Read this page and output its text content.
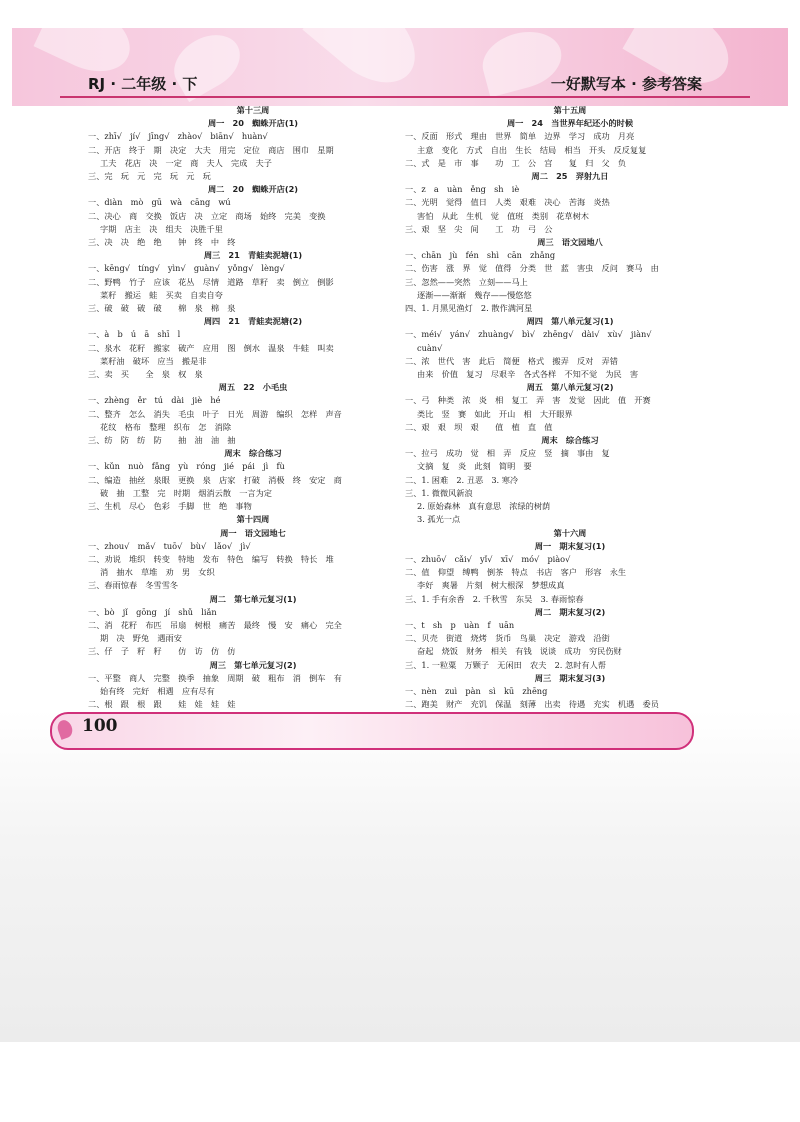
RJ · 二年级 · 下	一好默写本 · 参考答案
第十三周
周一　20　蜘蛛开店(1)
一、zhī√　jí√　jīng√　zhào√　biān√　huàn√
二、开店　终于　期　决定　大夫　用完　定位　商店　围巾　星期
工夫　花店　决　一定　商　夫人　完成　夫子
三、完　玩　元　完　玩　元　玩
周二　20　蜘蛛开店(2)
一、diàn　mò　gū　wà　cāng　wú
二、决心　商　交换　饭店　决　立定　商场　始终　完美　变换
字期　店主　决　组夫　决胜千里
三、决　决　绝　绝　　钟　终　中　终
周三　21　青蛙卖泥塘(1)
一、kēng√　tíng√　yìn√　guàn√　yǒng√　lèng√
二、野鸭　竹子　应该　花丛　尽情　道路　草籽　卖　倒立　倒影
菜籽　搬运　蛙　买卖　自卖自夸
三、破　破　破　破　　棉　泉　棉　泉
周四　21　青蛙卖泥塘(2)
一、à　b　ú　ā　shī　l
二、泉水　花籽　搬家　破产　应用　图　倒水　温泉　牛蛙　叫卖
菜籽油　破坏　应当　搬是非
三、卖　买　　全　泉　权　泉
周五　22　小毛虫
一、zhèng　ěr　tú　dài　jiè　hé
二、整齐　怎么　消失　毛虫　叶子　日光　周游　编织　怎样　声音
花纹　格布　整理　织布　怎　消除
三、纺　防　纺　防　　抽　油　油　抽
周末　综合练习
一、kǔn　nuò　fǎng　yù　róng　jié　pái　jì　fù
二、编造　抽丝　泉眼　更换　泉　店家　打破　消极　终　安定　商
破　抽　工整　完　时期　烟消云散　一言为定
三、生机　尽心　色彩　手脚　世　绝　事物
第十四周
周一　语文园地七
一、zhou√　mǎ√　tuō√　bù√　lǎo√　jì√
二、劝说　堆织　转变　特地　发布　特色　编写　转换　特长　堆
消　抽水　草堆　劝　男　女织
三、春雨惊春　冬雪雪冬
周二　第七单元复习(1)
一、bò　jǐ　gōng　jí　shǔ　liǎn
二、消　花籽　布匹　吊扇　树根　痛苦　最终　慢　安　痛心　完全
期　决　野兔　遇雨安
三、仔　子　籽　籽　　仿　访　仿　仿
周三　第七单元复习(2)
一、平整　商人　完整　换季　抽象　周期　破　粗布　消　倒车　有
始有终　完好　相遇　应有尽有
二、根　跟　根　跟　　娃　娃　娃　娃
第十五周
周一　24　当世界年纪还小的时候
一、反面　形式　理由　世界　简单　边界　学习　成功　月亮
主意　变化　方式　自出　生长　结局　相当　开头　反反复复
二、式　是　市　事　　功　工　公　宫　　复　归　父　负
周二　25　羿射九日
一、z　a　uàn　ěng　sh　iè
二、光明　觉得　值日　人类　艰难　决心　苦海　炎热
害怕　从此　生机　觉　值班　类别　花草树木
三、艰　坚　尖　间　　工　功　弓　公
周三　语文园地八
一、chān　jù　fén　shì　cān　zhǎng
二、伤害　涨　界　觉　值得　分类　世　蓝　害虫　反问　赛马　由
三、忽然——突然　立刻——马上
逐渐——渐渐　幾存——慢悠悠
四、1. 月黑见渔灯　2. 散作满河星
周四　第八单元复习(1)
一、méi√　yán√　zhuàng√　bì√　zhēng√　dài√　xù√　jiàn√
cuàn√
二、浓　世代　害　此后　简便　格式　搬弄　反对　弄错
由来　价值　复习　尽艰辛　各式各样　不知不觉　为民　害
周五　第八单元复习(2)
一、弓　种类　浓　炎　相　复工　弄　害　发觉　因此　值　开赛
类比　竖　赛　如此　开山　相　大开眼界
二、艰　艰　坝　艰　　值　植　直　值
周末　综合练习
一、拉弓　成功　觉　相　弄　反应　竖　摘　事由　复
文摘　复　炎　此刻　简明　要
二、1. 困难　2. 丑恶　3. 寒冷
三、1. 微微风新浪
2. 原始森林　真有意思　浓绿的树荫
3. 孤光一点
第十六周
周一　期末复习(1)
一、zhuō√　cǎi√　yǐ√　xī√　mó√　piào√
二、值　仰望　缚鸭　倒茶　特点　书店　客户　形容　永生
李好　爽暑　片刻　树大根深　梦想成真
三、1. 手有余香　2. 千秋雪　东吴　3. 春雨惊春
周二　期末复习(2)
一、t　sh　p　uàn　f　uān
二、贝壳　街道　烧烤　货币　鸟巢　决定　游戏　沿街
奋起　烧饭　财务　相关　有钱　说谈　成功　穷民伤财
三、1. 一粒粟　万颗子　无闲田　农夫　2. 忽时有人帮
周三　期末复习(3)
一、nèn　zuì　pàn　sì　kū　zhēng
二、跑美　财产　充饥　保温　刻薄　出卖　待遇　充实　机遇　委员
100
